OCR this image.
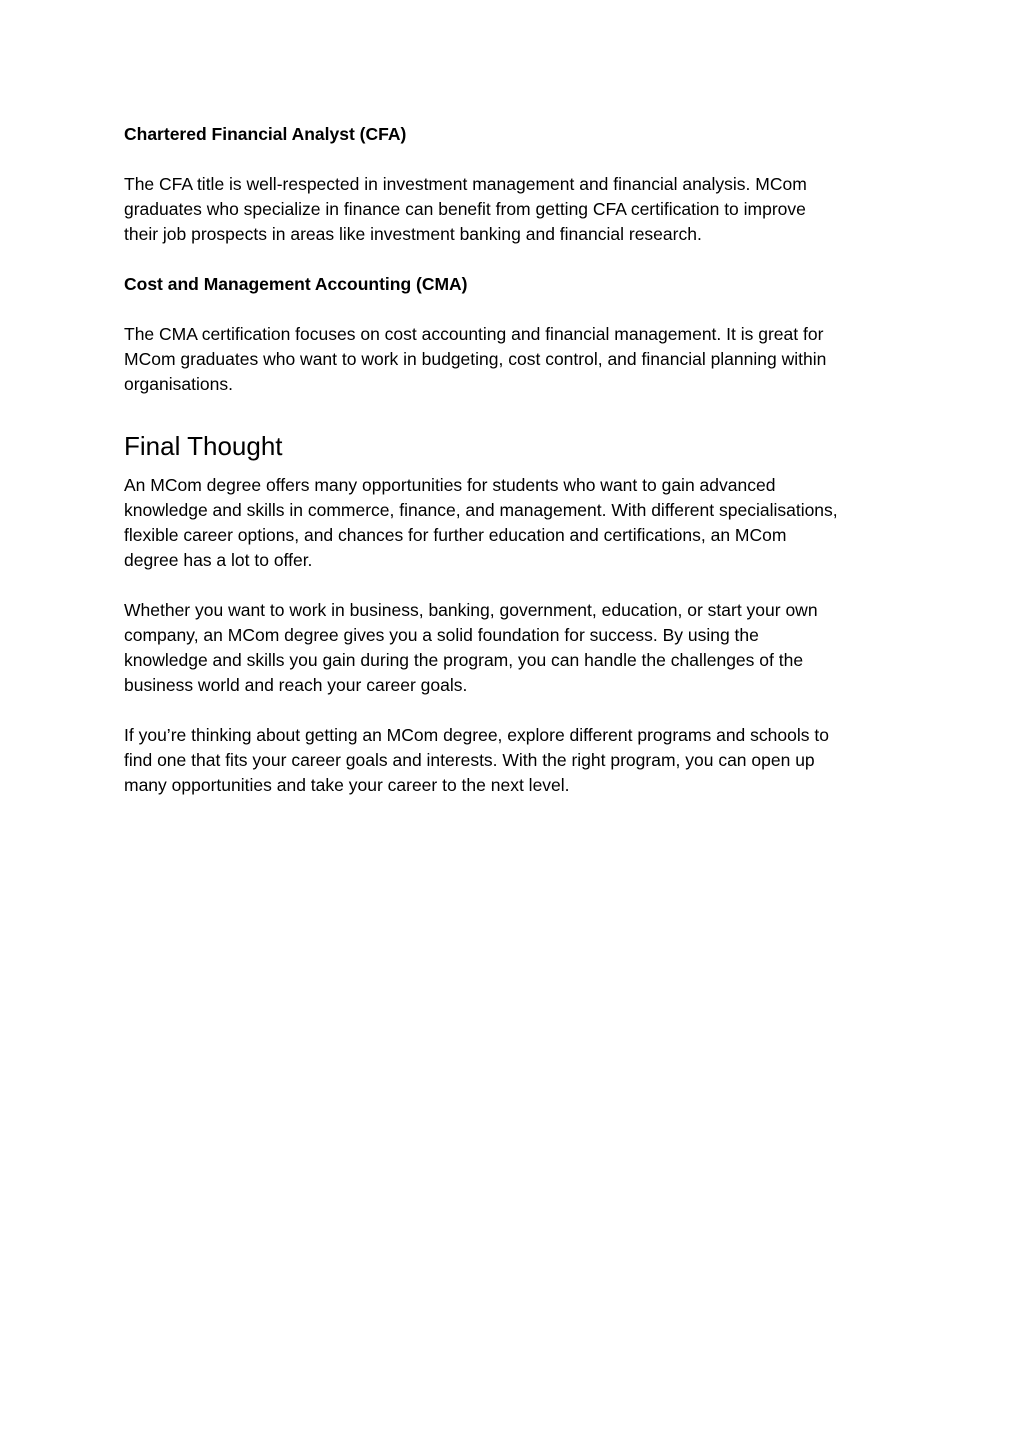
Chartered Financial Analyst (CFA)

The CFA title is well-respected in investment management and financial analysis. MCom
graduates who specialize in finance can benefit from getting CFA certification to improve
their job prospects in areas like investment banking and financial research.

Cost and Management Accounting (CMA)

The CMA certification focuses on cost accounting and financial management. It is great for
MCom graduates who want to work in budgeting, cost control, and financial planning within
organisations.

Final Thought

An MCom degree offers many opportunities for students who want to gain advanced
knowledge and skills in commerce, finance, and management. With different specialisations,
flexible career options, and chances for further education and certifications, an MCom
degree has a lot to offer.

Whether you want to work in business, banking, government, education, or start your own
company, an MCom degree gives you a solid foundation for success. By using the
knowledge and skills you gain during the program, you can handle the challenges of the
business world and reach your career goals.

If you’re thinking about getting an MCom degree, explore different programs and schools to
find one that fits your career goals and interests. With the right program, you can open up
many opportunities and take your career to the next level.
